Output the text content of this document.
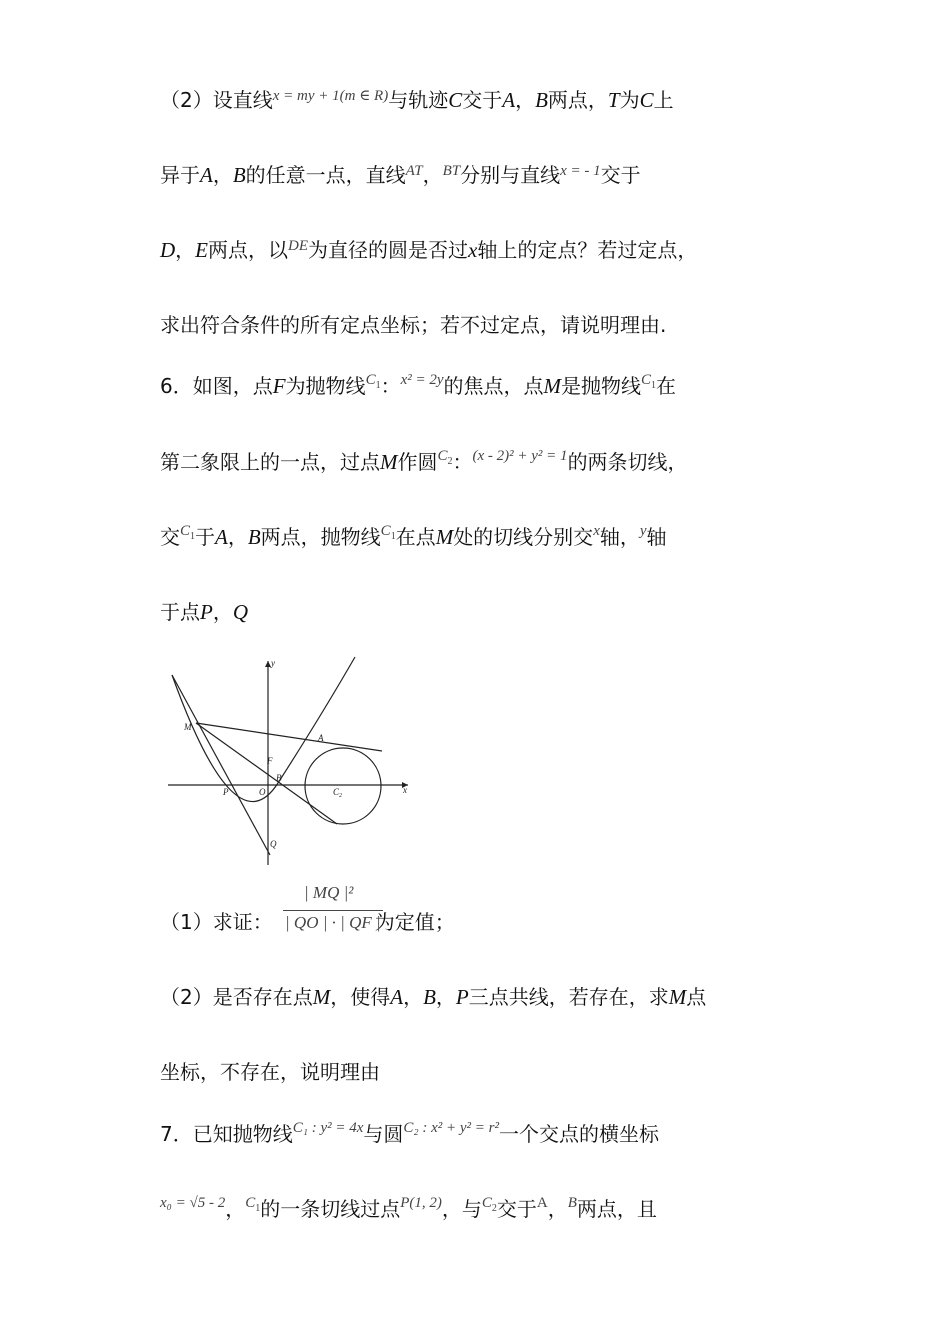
（2）设直线$^{x = my + 1(m \in R)}$与轨迹C交于A，B两点，T为C上
异于A，B的任意一点，直线$^{AT}$，$^{BT}$分别与直线$^{x = - 1}$交于
D，E两点，以$^{DE}$为直径的圆是否过x轴上的定点？若过定点，
求出符合条件的所有定点坐标；若不过定点，请说明理由.
6．如图，点F为抛物线$^{C1}$：$^{x^2 = 2y}$的焦点，点M是抛物线$^{C1}$在
第二象限上的一点，过点M作圆$^{C2}$：$^{(x - 2)^2 + y^2 = 1}$的两条切线，
交$^{C1}$于A，B两点，抛物线$^{C1}$在点M处的切线分别交$^x$轴，$^y$轴
于点P，Q
y
M
A
F
B
P	O	$C_2$
x
Q
（1）求证：	为定值；
| MQ |²
| QO | · | QF |
（2）是否存在点M，使得A，B，P三点共线，若存在，求M点
坐标，不存在，说明理由
7．已知抛物线$^{C_1 : y^2 = 4x}$与圆$^{C_2 : x^2 + y^2 = r^2}$一个交点的横坐标
$^{x_0 = √5 - 2}$，$^{C1}$的一条切线过点$^{P(1, 2)}$，与$^{C2}$交于$^A$，$^B$两点，且
